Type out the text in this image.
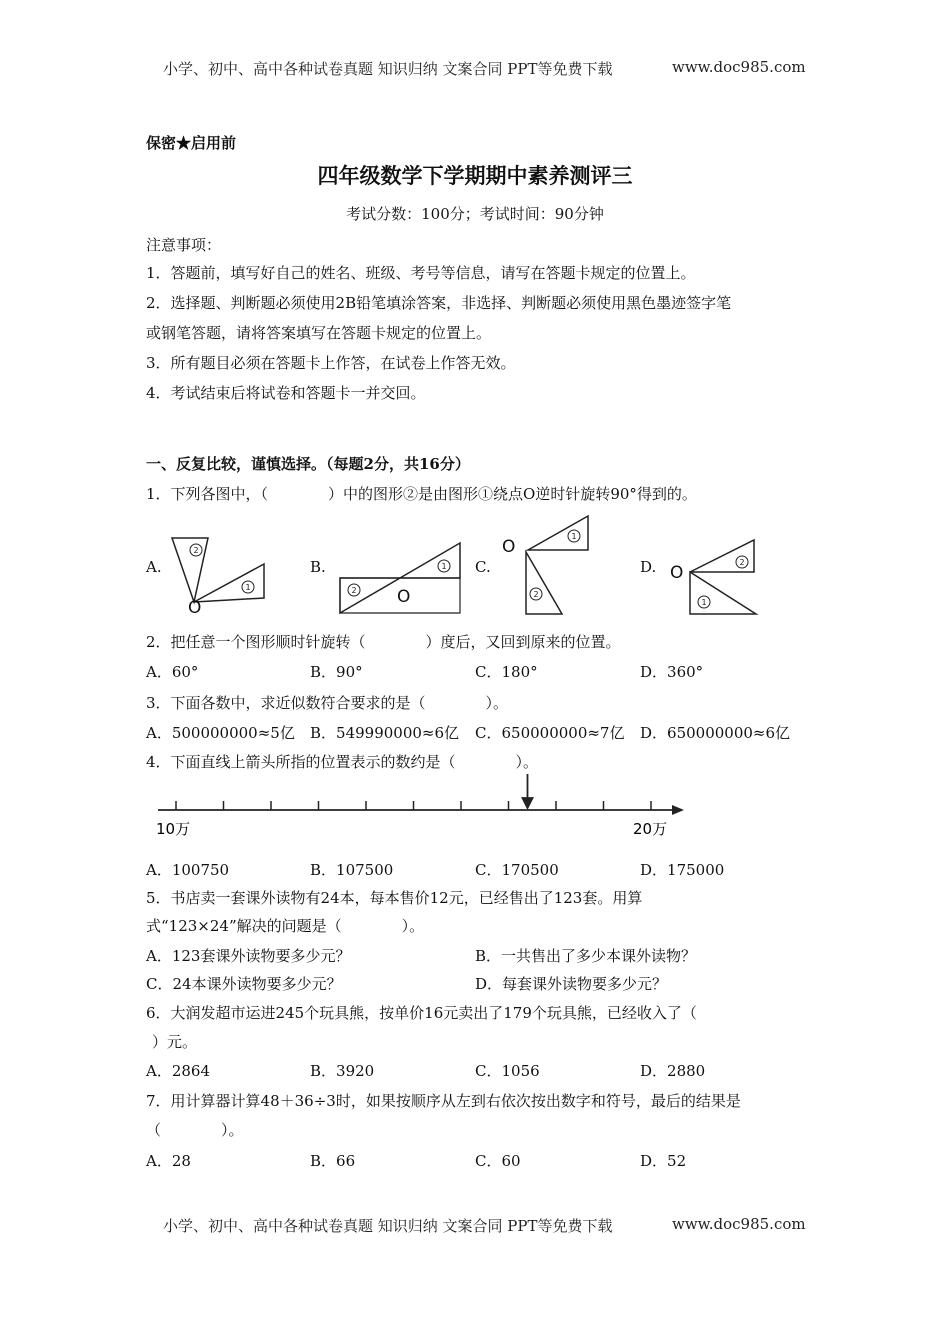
小学、初中、高中各种试卷真题 知识归纳 文案合同 PPT等免费下载	www.doc985.com
保密★启用前
四年级数学下学期期中素养测评三
考试分数：100分；考试时间：90分钟
注意事项：
1．答题前，填写好自己的姓名、班级、考号等信息，请写在答题卡规定的位置上。
2．选择题、判断题必须使用2B铅笔填涂答案，非选择、判断题必须使用黑色墨迹签字笔
或钢笔答题，请将答案填写在答题卡规定的位置上。
3．所有题目必须在答题卡上作答，在试卷上作答无效。
4．考试结束后将试卷和答题卡一并交回。
一、反复比较，谨慎选择。（每题2分，共16分）
1．下列各图中，（　　　　）中的图形②是由图形①绕点O逆时针旋转90°得到的。
A.	B.	C.	D.
2
1	2
1
1
2
2
1
O
O
O
O
2．把任意一个图形顺时针旋转（　　　　）度后，又回到原来的位置。
A．60°	B．90°	C．180°	D．360°
3．下面各数中，求近似数符合要求的是（　　　　）。
A．500000000≈5亿 B．549990000≈6亿 C．650000000≈7亿 D．650000000≈6亿
4．下面直线上箭头所指的位置表示的数约是（　　　　）。
10万	20万
A．100750	B．107500	C．170500	D．175000
5．书店卖一套课外读物有24本，每本售价12元，已经售出了123套。用算
式“123×24”解决的问题是（　　　　）。
A．123套课外读物要多少元？	B．一共售出了多少本课外读物？
C．24本课外读物要多少元？	D．每套课外读物要多少元？
6．大润发超市运进245个玩具熊，按单价16元卖出了179个玩具熊，已经收入了（
）元。
A．2864	B．3920	C．1056	D．2880
7．用计算器计算48＋36÷3时，如果按顺序从左到右依次按出数字和符号，最后的结果是
（　　　　）。
A．28	B．66	C．60	D．52
小学、初中、高中各种试卷真题 知识归纳 文案合同 PPT等免费下载	www.doc985.com
